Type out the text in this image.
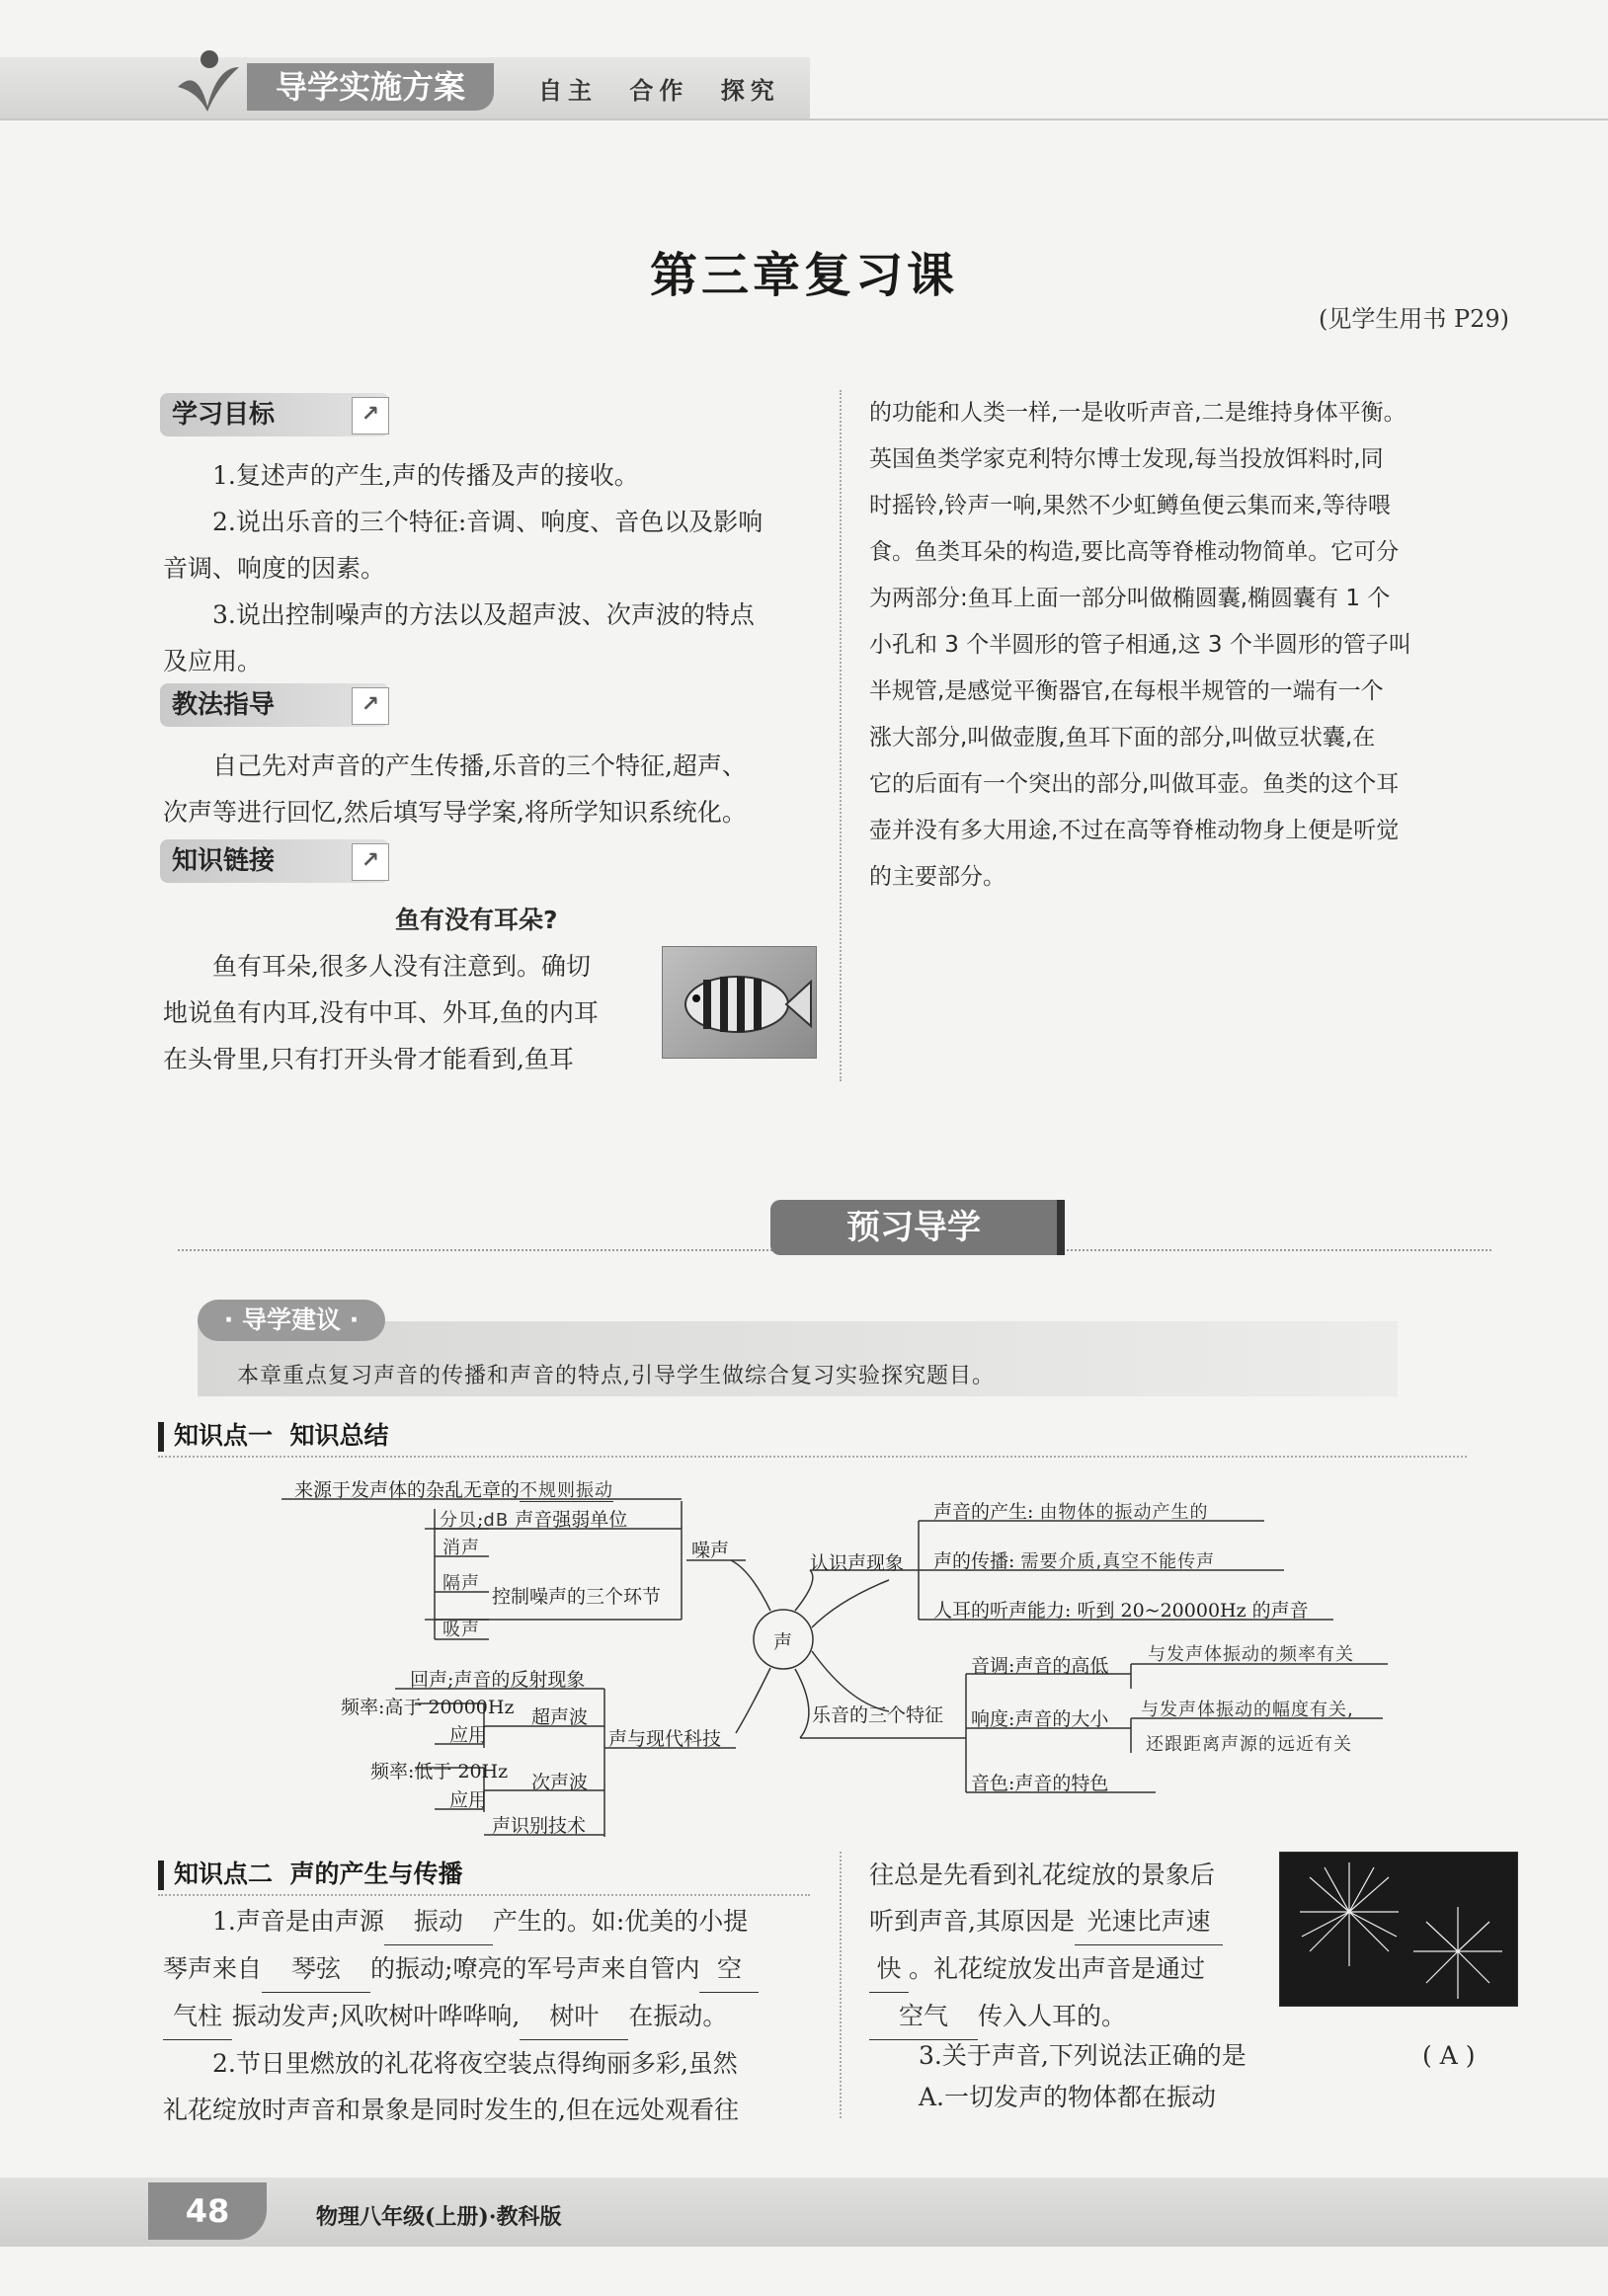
导学实施方案	自主 合作 探究
第三章复习课
(见学生用书 P29)
学习目标	↗
1.复述声的产生,声的传播及声的接收。
2.说出乐音的三个特征:音调、响度、音色以及影响
音调、响度的因素。
3.说出控制噪声的方法以及超声波、次声波的特点
及应用。
教法指导	↗
自己先对声音的产生传播,乐音的三个特征,超声、
次声等进行回忆,然后填写导学案,将所学知识系统化。
知识链接	↗
鱼有没有耳朵?
鱼有耳朵,很多人没有注意到。确切
地说鱼有内耳,没有中耳、外耳,鱼的内耳
在头骨里,只有打开头骨才能看到,鱼耳
的功能和人类一样,一是收听声音,二是维持身体平衡。
英国鱼类学家克利特尔博士发现,每当投放饵料时,同
时摇铃,铃声一响,果然不少虹鳟鱼便云集而来,等待喂
食。鱼类耳朵的构造,要比高等脊椎动物简单。它可分
为两部分:鱼耳上面一部分叫做椭圆囊,椭圆囊有 1 个
小孔和 3 个半圆形的管子相通,这 3 个半圆形的管子叫
半规管,是感觉平衡器官,在每根半规管的一端有一个
涨大部分,叫做壶腹,鱼耳下面的部分,叫做豆状囊,在
它的后面有一个突出的部分,叫做耳壶。鱼类的这个耳
壶并没有多大用途,不过在高等脊椎动物身上便是听觉
的主要部分。
预习导学
· 导学建议 ·
本章重点复习声音的传播和声音的特点,引导学生做综合复习实验探究题目。
知识点一 知识总结
声
噪声
来源于发声体的杂乱无章的不规则振动
分贝;dB 声音强弱单位
消声
隔声
控制噪声的三个环节
吸声
认识声现象
声音的产生: 由物体的振动产生的
声的传播: 需要介质,真空不能传声
人耳的听声能力: 听到 20~20000Hz 的声音
声与现代科技
回声;声音的反射现象
超声波
频率:高于 20000Hz
应用
次声波
频率:低于 20Hz
应用
声识别技术
乐音的三个特征
音调:声音的高低
与发声体振动的频率有关
响度:声音的大小 与发声体振动的幅度有关,
还跟距离声源的远近有关
音色:声音的特色
知识点二 声的产生与传播
1.声音是由声源 振动 产生的。如:优美的小提
琴声来自 琴弦 的振动;嘹亮的军号声来自管内 空
气柱 振动发声;风吹树叶哗哗响, 树叶 在振动。
2.节日里燃放的礼花将夜空装点得绚丽多彩,虽然
礼花绽放时声音和景象是同时发生的,但在远处观看往
往总是先看到礼花绽放的景象后
听到声音,其原因是 光速比声速
快 。礼花绽放发出声音是通过
空气 传入人耳的。
3.关于声音,下列说法正确的是	( A )
A.一切发声的物体都在振动
48	物理八年级(上册)·教科版
